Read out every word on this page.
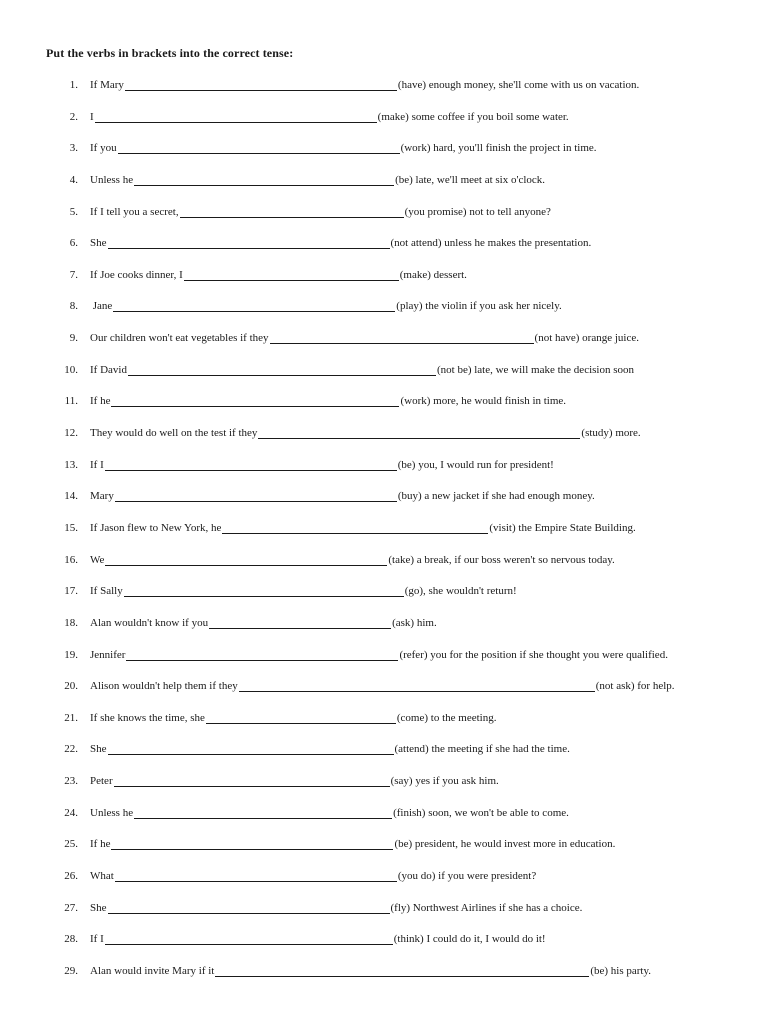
Put the verbs in brackets into the correct tense:
1. If Mary	(have) enough money, she'll come with us on vacation.
2. I	(make) some coffee if you boil some water.
3. If you	(work) hard, you'll finish the project in time.
4. Unless he	(be) late, we'll meet at six o'clock.
5. If I tell you a secret,	(you promise) not to tell anyone?
6. She	(not attend) unless he makes the presentation.
7. If Joe cooks dinner, I	(make) dessert.
8. Jane	(play) the violin if you ask her nicely.
9. Our children won't eat vegetables if they	(not have) orange juice.
10. If David	(not be) late, we will make the decision soon
11. If he	(work) more, he would finish in time.
12. They would do well on the test if they	(study) more.
13. If I	(be) you, I would run for president!
14. Mary	(buy) a new jacket if she had enough money.
15. If Jason flew to New York, he	(visit) the Empire State Building.
16. We	(take) a break, if our boss weren't so nervous today.
17. If Sally	(go), she wouldn't return!
18. Alan wouldn't know if you	(ask) him.
19. Jennifer	(refer) you for the position if she thought you were qualified.
20. Alison wouldn't help them if they	(not ask) for help.
21. If she knows the time, she	(come) to the meeting.
22. She	(attend) the meeting if she had the time.
23. Peter	(say) yes if you ask him.
24. Unless he	(finish) soon, we won't be able to come.
25. If he	(be) president, he would invest more in education.
26. What	(you do) if you were president?
27. She	(fly) Northwest Airlines if she has a choice.
28. If I	(think) I could do it, I would do it!
29. Alan would invite Mary if it	(be) his party.
